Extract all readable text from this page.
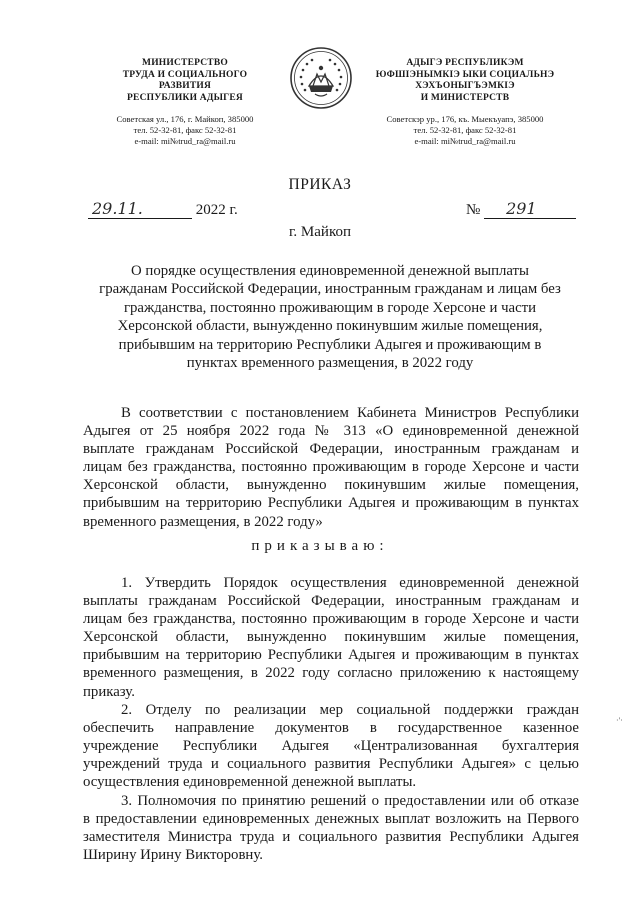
МИНИСТЕРСТВО
ТРУДА И СОЦИАЛЬНОГО
РАЗВИТИЯ
РЕСПУБЛИКИ АДЫГЕЯ
Советская ул., 176, г. Майкоп, 385000
тел. 52-32-81, факс 52-32-81
e-mail: mi№trud_ra@mail.ru
АДЫГЭ РЕСПУБЛИКЭМ
ЮФШІЭНЫМКІЭ ЫКИ СОЦИАЛЬНЭ
ХЭХЪОНЫГЪЭМКІЭ
И МИНИСТЕРСТВ
Советскэр ур., 176, къ. Мыекъуапэ, 385000
тел. 52-32-81, факс 52-32-81
e-mail: mi№trud_ra@mail.ru
ПРИКАЗ
29.11.	2022 г.	№ 291
г. Майкоп
О порядке осуществления единовременной денежной выплаты
гражданам Российской Федерации, иностранным гражданам и лицам без
гражданства, постоянно проживающим в городе Херсоне и части
Херсонской области, вынужденно покинувшим жилые помещения,
прибывшим на территорию Республики Адыгея и проживающим в
пунктах временного размещения, в 2022 году
В соответствии с постановлением Кабинета Министров Республики
Адыгея от 25 ноября 2022 года № 313 «О единовременной денежной
выплате гражданам Российской Федерации, иностранным гражданам и
лицам без гражданства, постоянно проживающим в городе Херсоне и части
Херсонской области, вынужденно покинувшим жилые помещения,
прибывшим на территорию Республики Адыгея и проживающим в пунктах
временного размещения, в 2022 году»
приказываю:
1. Утвердить Порядок осуществления единовременной денежной
выплаты гражданам Российской Федерации, иностранным гражданам и
лицам без гражданства, постоянно проживающим в городе Херсоне и части
Херсонской области, вынужденно покинувшим жилые помещения,
прибывшим на территорию Республики Адыгея и проживающим в пунктах
временного размещения, в 2022 году согласно приложению к настоящему
приказу.
2. Отделу по реализации мер социальной поддержки граждан
обеспечить направление документов в государственное казенное
учреждение Республики Адыгея «Централизованная бухгалтерия
учреждений труда и социального развития Республики Адыгея» с целью
осуществления единовременной денежной выплаты.
3. Полномочия по принятию решений о предоставлении или об отказе
в предоставлении единовременных денежных выплат возложить на Первого
заместителя Министра труда и социального развития Республики Адыгея
Ширину Ирину Викторовну.
·'·
